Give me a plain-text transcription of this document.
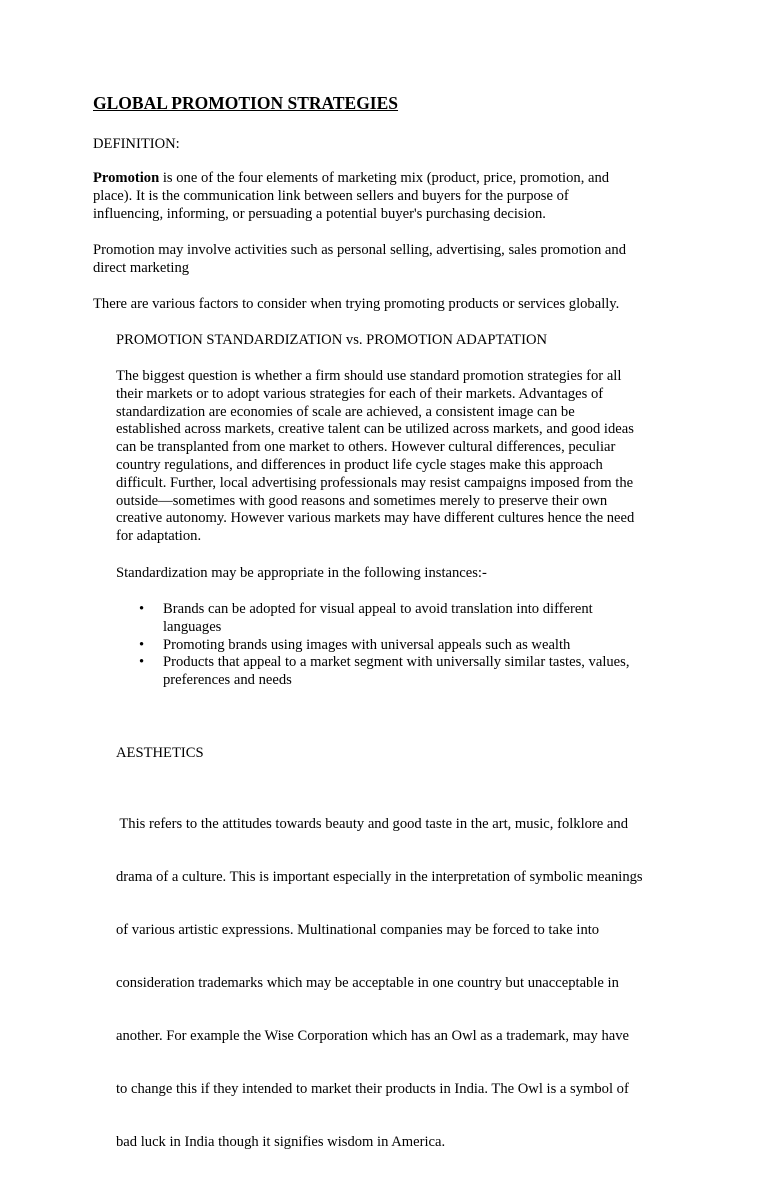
GLOBAL PROMOTION STRATEGIES

DEFINITION:

Promotion is one of the four elements of marketing mix (product, price, promotion, and
place). It is the communication link between sellers and buyers for the purpose of
influencing, informing, or persuading a potential buyer's purchasing decision.

Promotion may involve activities such as personal selling, advertising, sales promotion and
direct marketing

There are various factors to consider when trying promoting products or services globally.

PROMOTION STANDARDIZATION vs. PROMOTION ADAPTATION

The biggest question is whether a firm should use standard promotion strategies for all
their markets or to adopt various strategies for each of their markets. Advantages of
standardization are economies of scale are achieved, a consistent image can be
established across markets, creative talent can be utilized across markets, and good ideas
can be transplanted from one market to others. However cultural differences, peculiar
country regulations, and differences in product life cycle stages make this approach
difficult. Further, local advertising professionals may resist campaigns imposed from the
outside—sometimes with good reasons and sometimes merely to preserve their own
creative autonomy. However various markets may have different cultures hence the need
for adaptation.

Standardization may be appropriate in the following instances:-

• Brands can be adopted for visual appeal to avoid translation into different
languages
• Promoting brands using images with universal appeals such as wealth
• Products that appeal to a market segment with universally similar tastes, values,
preferences and needs

AESTHETICS

This refers to the attitudes towards beauty and good taste in the art, music, folklore and

drama of a culture. This is important especially in the interpretation of symbolic meanings

of various artistic expressions. Multinational companies may be forced to take into

consideration trademarks which may be acceptable in one country but unacceptable in

another. For example the Wise Corporation which has an Owl as a trademark, may have

to change this if they intended to market their products in India. The Owl is a symbol of

bad luck in India though it signifies wisdom in America.
